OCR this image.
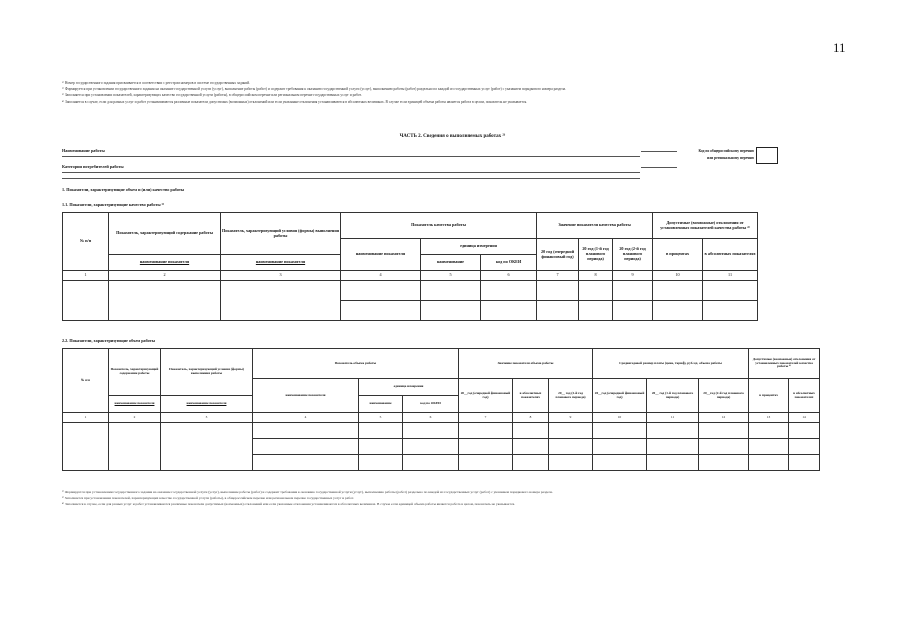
11
¹⁾ Номер государственного задания присваивается в соответствии с реестром номеров в системе государственных заданий.
²⁾ Формируется при установлении государственного задания на оказание государственной услуги (услуг), выполнение работы (работ) и содержит требования к оказанию государственной услуги (услуг), выполнению работы (работ) раздельно по каждой из государственных услуг (работ) с указанием порядкового номера раздела.
³⁾ Заполняется при установлении показателей, характеризующих качество государственной услуги (работы), в общероссийском перечне или региональном перечне государственных услуг и работ.
⁴⁾ Заполняется в случае, если для разных услуг и работ устанавливаются различные показатели допустимых (возможных) отклонений или если указанные отклонения устанавливаются в абсолютных величинах. В случае если единицей объема работы является работа в целом, показатель не указывается.
ЧАСТЬ 2. Сведения о выполняемых работах ²⁾
Наименование работы
Категории потребителей работы
Код по общероссийскому перечню
или региональному перечню
1. Показатели, характеризующие объем и (или) качество работы
1.1. Показатели, характеризующие качество работы ³⁾
№ п/п	Показатель, характеризующий содержание работы	Показатель, характеризующий условия (формы) выполнения работы	Показатель качества работы			Значение показателя качества работы			Допустимые (возможные) отклонения от установленных показателей качества работы ⁴⁾	
			наименование показателя	единица измерения		20 год (очередной финансовый год)	20 год (1-й год планового периода)	20 год (2-й год планового периода)	в процентах	в абсолютных показателях
	наименование показателя	наименование показателя		наименование	код по ОКЕИ					
1	2	3	4	5	6	7	8	9	10	11

2.2. Показатели, характеризующие объем работы
№ п/п	Показатель, характеризующий содержание работы	Показатель, характеризующий условия (формы) выполнения работы	Показатель объема работы			Значение показателя объема работы			Среднегодовой размер платы (цена, тариф), руб./ед. объема работы			Допустимые (возможные) отклонения от установленных показателей качества работы ⁴⁾	
			наименование показателя	единица измерения		20__год (очередной финансовый год)	в абсолютных показателях	20__ год (2-й год планового периода)	20__год (очередной финансовый год)	20__ год (1-й год планового периода)	20__год (2-й год планового периода)	в процентах	в абсолютных показателях
	наименование показателя	наименование показателя		наименование	код по ОКЕИ								
1	2	3	4	5	6	7	8	9	10	11	12	13	14

²⁾ Формируется при установлении государственного задания на оказание государственной услуги (услуг), выполнение работы (работ) и содержит требования к оказанию государственной услуги (услуг), выполнению работы (работ) раздельно по каждой из государственных услуг (работ) с указанием порядкового номера раздела.
³⁾ Заполняется при установлении показателей, характеризующих качество государственной услуги (работы), в общероссийском перечне или региональном перечне государственных услуг и работ.
⁴⁾ Заполняется в случае, если для разных услуг и работ устанавливаются различные показатели допустимых (возможных) отклонений или если указанные отклонения устанавливаются в абсолютных величинах. В случае если единицей объема работы является работа в целом, показатель не указывается.
